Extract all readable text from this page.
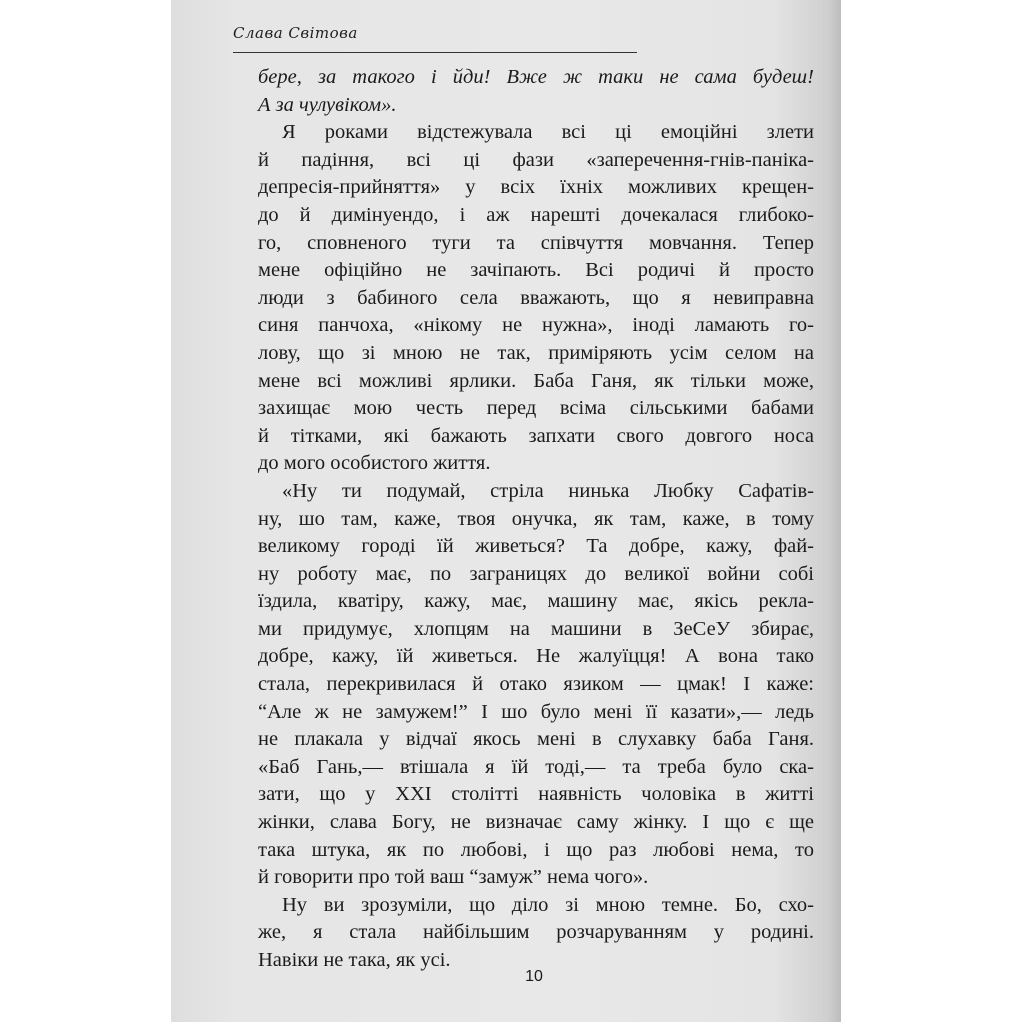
Слава Світова
бере, за такого і йди! Вже ж таки не сама будеш!
А за чулувіком».
Я роками відстежувала всі ці емоційні злети
й падіння, всі ці фази «заперечення-гнів-паніка-
депресія-прийняття» у всіх їхніх можливих крещен-
до й димінуендо, і аж нарешті дочекалася глибоко-
го, сповненого туги та співчуття мовчання. Тепер
мене офіційно не зачіпають. Всі родичі й просто
люди з бабиного села вважають, що я невиправна
синя панчоха, «нікому не нужна», іноді ламають го-
лову, що зі мною не так, приміряють усім селом на
мене всі можливі ярлики. Баба Ганя, як тільки може,
захищає мою честь перед всіма сільськими бабами
й тітками, які бажають запхати свого довгого носа
до мого особистого життя.
«Ну ти подумай, стріла нинька Любку Сафатів-
ну, шо там, каже, твоя онучка, як там, каже, в тому
великому городі їй живеться? Та добре, кажу, фай-
ну роботу має, по заграницях до великої войни собі
їздила, кватіру, кажу, має, машину має, якісь рекла-
ми придумує, хлопцям на машини в ЗеСеУ збирає,
добре, кажу, їй живеться. Не жалуїцця! А вона тако
стала, перекривилася й отако язиком — цмак! І каже:
“Але ж не замужем!” І шо було мені її казати»,— ледь
не плакала у відчаї якось мені в слухавку баба Ганя.
«Баб Гань,— втішала я їй тоді,— та треба було ска-
зати, що у XXI столітті наявність чоловіка в житті
жінки, слава Богу, не визначає саму жінку. І що є ще
така штука, як по любові, і що раз любові нема, то
й говорити про той ваш “замуж” нема чого».
Ну ви зрозуміли, що діло зі мною темне. Бо, схо-
же, я стала найбільшим розчаруванням у родині.
Навіки не така, як усі.
10
